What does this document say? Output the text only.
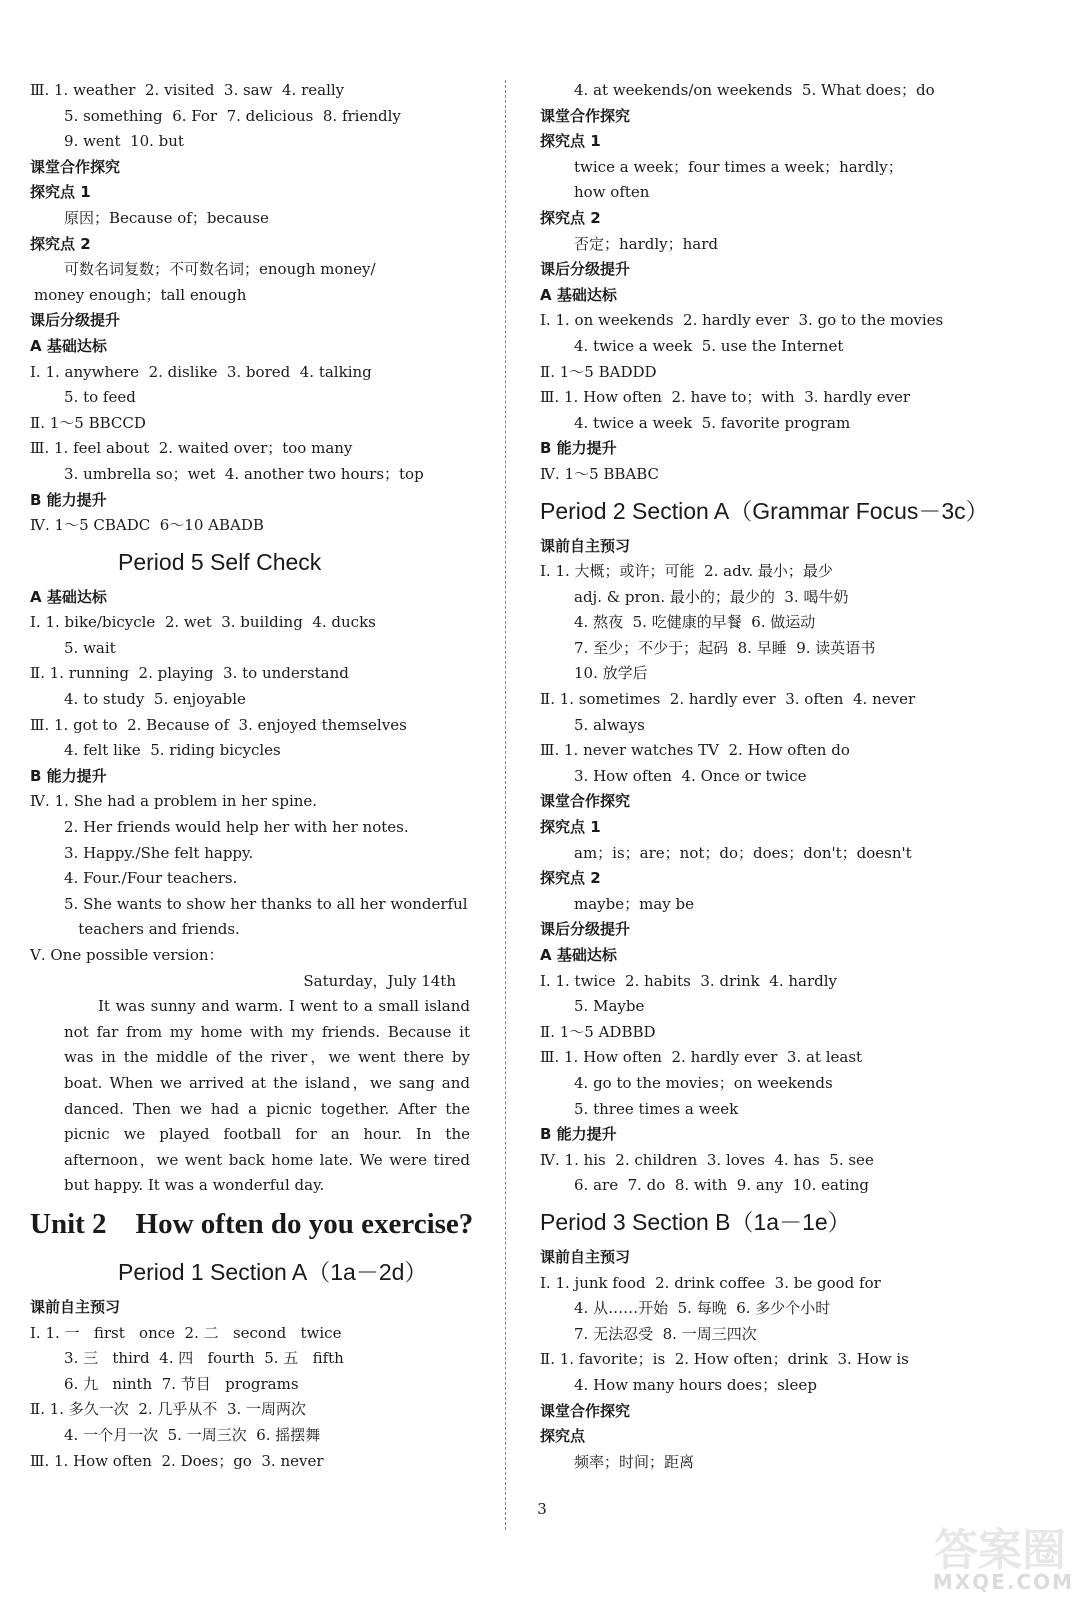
Ⅲ. 1. weather  2. visited  3. saw  4. really
5. something  6. For  7. delicious  8. friendly
9. went  10. but
课堂合作探究
探究点 1
原因；Because of；because
探究点 2
可数名词复数；不可数名词；enough money/
money enough；tall enough
课后分级提升
A 基础达标
Ⅰ. 1. anywhere  2. dislike  3. bored  4. talking
5. to feed
Ⅱ. 1～5 BBCCD
Ⅲ. 1. feel about  2. waited over；too many
3. umbrella so；wet  4. another two hours；top
B 能力提升
Ⅳ. 1～5 CBADC  6～10 ABADB
Period 5 Self Check
A 基础达标
Ⅰ. 1. bike/bicycle  2. wet  3. building  4. ducks
5. wait
Ⅱ. 1. running  2. playing  3. to understand
4. to study  5. enjoyable
Ⅲ. 1. got to  2. Because of  3. enjoyed themselves
4. felt like  5. riding bicycles
B 能力提升
Ⅳ. 1. She had a problem in her spine.
2. Her friends would help her with her notes.
3. Happy./She felt happy.
4. Four./Four teachers.
5. She wants to show her thanks to all her wonderful
teachers and friends.
Ⅴ. One possible version：
Saturday，July 14th
It was sunny and warm. I went to a small island not far from my home with my friends. Because it was in the middle of the river，we went there by boat. When we arrived at the island，we sang and danced. Then we had a picnic together. After the picnic we played football for an hour. In the afternoon，we went back home late. We were tired but happy. It was a wonderful day.
Unit 2    How often do you exercise?
Period 1 Section A（1a－2d）
课前自主预习
Ⅰ. 1. 一   first   once  2. 二   second   twice
3. 三   third  4. 四   fourth  5. 五   fifth
6. 九   ninth  7. 节目   programs
Ⅱ. 1. 多久一次  2. 几乎从不  3. 一周两次
4. 一个月一次  5. 一周三次  6. 摇摆舞
Ⅲ. 1. How often  2. Does；go  3. never
4. at weekends/on weekends  5. What does；do
课堂合作探究
探究点 1
twice a week；four times a week；hardly；
how often
探究点 2
否定；hardly；hard
课后分级提升
A 基础达标
Ⅰ. 1. on weekends  2. hardly ever  3. go to the movies
4. twice a week  5. use the Internet
Ⅱ. 1～5 BADDD
Ⅲ. 1. How often  2. have to；with  3. hardly ever
4. twice a week  5. favorite program
B 能力提升
Ⅳ. 1～5 BBABC
Period 2 Section A（Grammar Focus－3c）
课前自主预习
Ⅰ. 1. 大概；或许；可能  2. adv. 最小；最少
adj. & pron. 最小的；最少的  3. 喝牛奶
4. 熬夜  5. 吃健康的早餐  6. 做运动
7. 至少；不少于；起码  8. 早睡  9. 读英语书
10. 放学后
Ⅱ. 1. sometimes  2. hardly ever  3. often  4. never
5. always
Ⅲ. 1. never watches TV  2. How often do
3. How often  4. Once or twice
课堂合作探究
探究点 1
am；is；are；not；do；does；don't；doesn't
探究点 2
maybe；may be
课后分级提升
A 基础达标
Ⅰ. 1. twice  2. habits  3. drink  4. hardly
5. Maybe
Ⅱ. 1～5 ADBBD
Ⅲ. 1. How often  2. hardly ever  3. at least
4. go to the movies；on weekends
5. three times a week
B 能力提升
Ⅳ. 1. his  2. children  3. loves  4. has  5. see
6. are  7. do  8. with  9. any  10. eating
Period 3 Section B（1a－1e）
课前自主预习
Ⅰ. 1. junk food  2. drink coffee  3. be good for
4. 从……开始  5. 每晚  6. 多少个小时
7. 无法忍受  8. 一周三四次
Ⅱ. 1. favorite；is  2. How often；drink  3. How is
4. How many hours does；sleep
课堂合作探究
探究点
频率；时间；距离
3
答案圈
MXQE.COM
